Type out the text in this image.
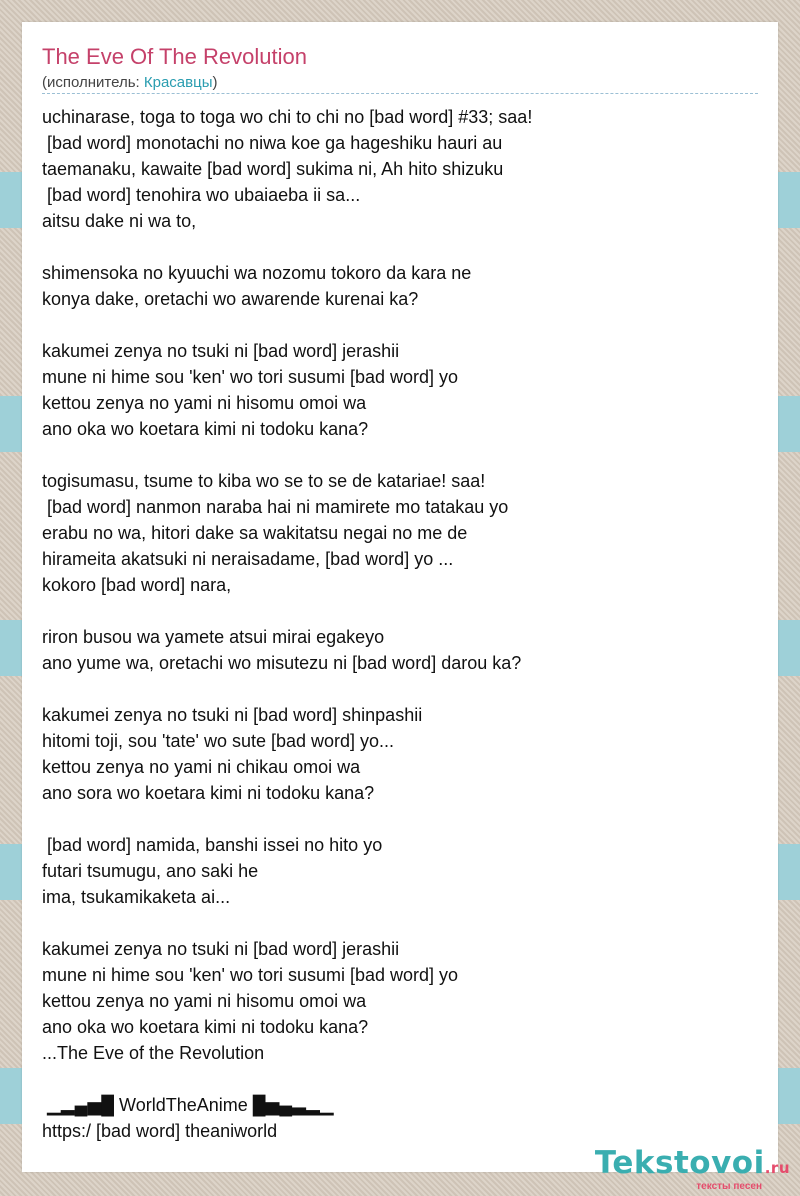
The Eve Of The Revolution
(исполнитель: Красавцы)
uchinarase, toga to toga wo chi to chi no [bad word] #33; saa!
[bad word] monotachi no niwa koe ga hageshiku hauri au
taemanaku, kawaite [bad word] sukima ni, Ah hito shizuku
[bad word] tenohira wo ubaiaeba ii sa...
aitsu dake ni wa to,
shimensoka no kyuuchi wa nozomu tokoro da kara ne
konya dake, oretachi wo awarende kurenai ka?
kakumei zenya no tsuki ni [bad word] jerashii
mune ni hime sou 'ken' wo tori susumi [bad word] yo
kettou zenya no yami ni hisomu omoi wa
ano oka wo koetara kimi ni todoku kana?
togisumasu, tsume to kiba wo se to se de katariae! saa!
[bad word] nanmon naraba hai ni mamirete mo tatakau yo
erabu no wa, hitori dake sa wakitatsu negai no me de
hirameita akatsuki ni neraisadame, [bad word] yo ...
kokoro [bad word] nara,
riron busou wa yamete atsui mirai egakeyo
ano yume wa, oretachi wo misutezu ni [bad word] darou ka?
kakumei zenya no tsuki ni [bad word] shinpashii
hitomi toji, sou 'tate' wo sute [bad word] yo...
kettou zenya no yami ni chikau omoi wa
ano sora wo koetara kimi ni todoku kana?
[bad word] namida, banshi issei no hito yo
futari tsumugu, ano saki he
ima, tsukamikaketa ai...
kakumei zenya no tsuki ni [bad word] jerashii
mune ni hime sou 'ken' wo tori susumi [bad word] yo
kettou zenya no yami ni hisomu omoi wa
ano oka wo koetara kimi ni todoku kana?
...The Eve of the Revolution
▁▂▄▅█ WorldTheAnime █▅▄▃▂▁
https:/ [bad word] theaniworld
Tekstovoi.ru
тексты песен
